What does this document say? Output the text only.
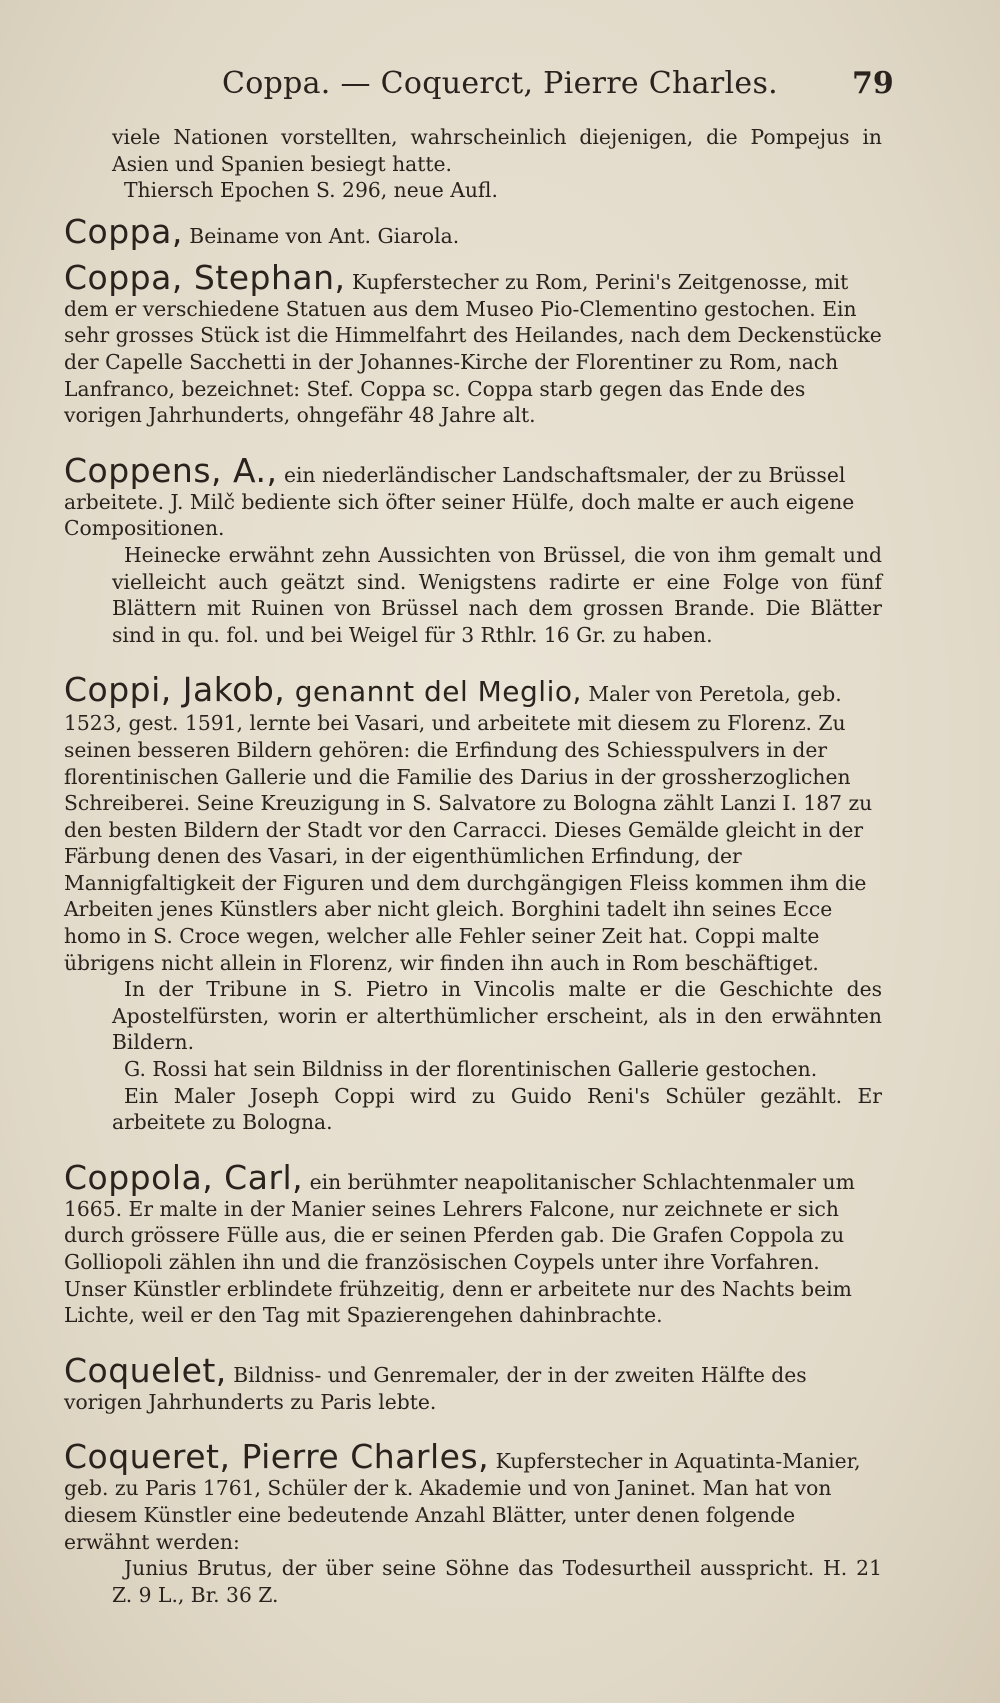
Coppa. — Coquerct, Pierre Charles. 79

viele Nationen vorstellten, wahrscheinlich diejenigen, die Pompejus in Asien und Spanien besiegt hatte.

Thiersch Epochen S. 296, neue Aufl.

Coppa, Beiname von Ant. Giarola.

Coppa, Stephan, Kupferstecher zu Rom, Perini's Zeitgenosse, mit dem er verschiedene Statuen aus dem Museo Pio-Clementino gestochen. Ein sehr grosses Stück ist die Himmelfahrt des Heilandes, nach dem Deckenstücke der Capelle Sacchetti in der Johannes-Kirche der Florentiner zu Rom, nach Lanfranco, bezeichnet: Stef. Coppa sc. Coppa starb gegen das Ende des vorigen Jahrhunderts, ohngefähr 48 Jahre alt.

Coppens, A., ein niederländischer Landschaftsmaler, der zu Brüssel arbeitete. J. Milč bediente sich öfter seiner Hülfe, doch malte er auch eigene Compositionen.

Heinecke erwähnt zehn Aussichten von Brüssel, die von ihm gemalt und vielleicht auch geätzt sind. Wenigstens radirte er eine Folge von fünf Blättern mit Ruinen von Brüssel nach dem grossen Brande. Die Blätter sind in qu. fol. und bei Weigel für 3 Rthlr. 16 Gr. zu haben.

Coppi, Jakob, genannt del Meglio, Maler von Peretola, geb. 1523, gest. 1591, lernte bei Vasari, und arbeitete mit diesem zu Florenz. Zu seinen besseren Bildern gehören: die Erfindung des Schiesspulvers in der florentinischen Gallerie und die Familie des Darius in der grossherzoglichen Schreiberei. Seine Kreuzigung in S. Salvatore zu Bologna zählt Lanzi I. 187 zu den besten Bildern der Stadt vor den Carracci. Dieses Gemälde gleicht in der Färbung denen des Vasari, in der eigenthümlichen Erfindung, der Mannigfaltigkeit der Figuren und dem durchgängigen Fleiss kommen ihm die Arbeiten jenes Künstlers aber nicht gleich. Borghini tadelt ihn seines Ecce homo in S. Croce wegen, welcher alle Fehler seiner Zeit hat. Coppi malte übrigens nicht allein in Florenz, wir finden ihn auch in Rom beschäftiget.

In der Tribune in S. Pietro in Vincolis malte er die Geschichte des Apostelfürsten, worin er alterthümlicher erscheint, als in den erwähnten Bildern.

G. Rossi hat sein Bildniss in der florentinischen Gallerie gestochen.

Ein Maler Joseph Coppi wird zu Guido Reni's Schüler gezählt. Er arbeitete zu Bologna.

Coppola, Carl, ein berühmter neapolitanischer Schlachtenmaler um 1665. Er malte in der Manier seines Lehrers Falcone, nur zeichnete er sich durch grössere Fülle aus, die er seinen Pferden gab. Die Grafen Coppola zu Golliopoli zählen ihn und die französischen Coypels unter ihre Vorfahren. Unser Künstler erblindete frühzeitig, denn er arbeitete nur des Nachts beim Lichte, weil er den Tag mit Spazierengehen dahinbrachte.

Coquelet, Bildniss- und Genremaler, der in der zweiten Hälfte des vorigen Jahrhunderts zu Paris lebte.

Coqueret, Pierre Charles, Kupferstecher in Aquatinta-Manier, geb. zu Paris 1761, Schüler der k. Akademie und von Janinet. Man hat von diesem Künstler eine bedeutende Anzahl Blätter, unter denen folgende erwähnt werden:

Junius Brutus, der über seine Söhne das Todesurtheil ausspricht. H. 21 Z. 9 L., Br. 36 Z.
